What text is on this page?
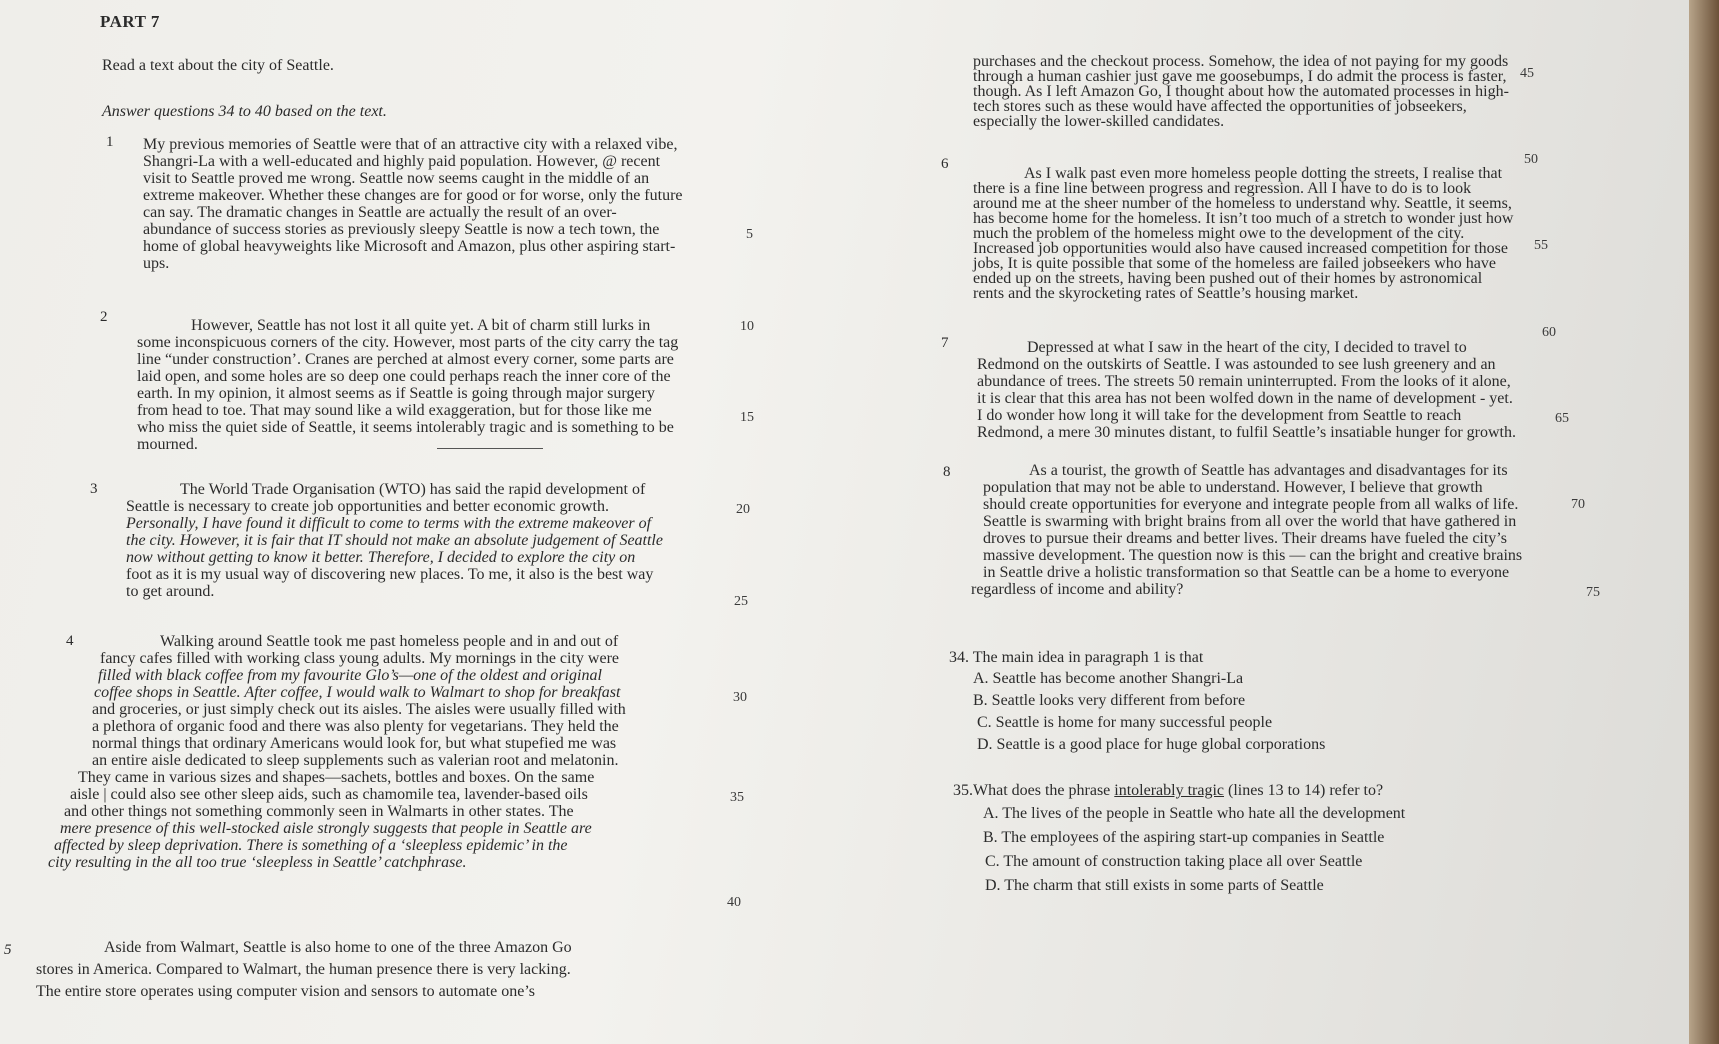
PART 7
Read a text about the city of Seattle.
Answer questions 34 to 40 based on the text.
1 My previous memories of Seattle were that of an attractive city with a relaxed vibe,
Shangri-La with a well-educated and highly paid population. However, @ recent
visit to Seattle proved me wrong. Seattle now seems caught in the middle of an
extreme makeover. Whether these changes are for good or for worse, only the future
can say. The dramatic changes in Seattle are actually the result of an over-
abundance of success stories as previously sleepy Seattle is now a tech town, the
home of global heavyweights like Microsoft and Amazon, plus other aspiring start-
ups.
2	However, Seattle has not lost it all quite yet. A bit of charm still lurks in
some inconspicuous corners of the city. However, most parts of the city carry the tag
line “under construction’. Cranes are perched at almost every corner, some parts are
laid open, and some holes are so deep one could perhaps reach the inner core of the
earth. In my opinion, it almost seems as if Seattle is going through major surgery
from head to toe. That may sound like a wild exaggeration, but for those like me
who miss the quiet side of Seattle, it seems intolerably tragic and is something to be
mourned.
3	The World Trade Organisation (WTO) has said the rapid development of
Seattle is necessary to create job opportunities and better economic growth.
Personally, I have found it difficult to come to terms with the extreme makeover of
the city. However, it is fair that IT should not make an absolute judgement of Seattle
now without getting to know it better. Therefore, I decided to explore the city on
foot as it is my usual way of discovering new places. To me, it also is the best way
to get around.
4	Walking around Seattle took me past homeless people and in and out of
fancy cafes filled with working class young adults. My mornings in the city were
filled with black coffee from my favourite Glo’s—one of the oldest and original
coffee shops in Seattle. After coffee, I would walk to Walmart to shop for breakfast
and groceries, or just simply check out its aisles. The aisles were usually filled with
a plethora of organic food and there was also plenty for vegetarians. They held the
normal things that ordinary Americans would look for, but what stupefied me was
an entire aisle dedicated to sleep supplements such as valerian root and melatonin.
They came in various sizes and shapes—sachets, bottles and boxes. On the same
aisle | could also see other sleep aids, such as chamomile tea, lavender-based oils
and other things not something commonly seen in Walmarts in other states. The
mere presence of this well-stocked aisle strongly suggests that people in Seattle are
affected by sleep deprivation. There is something of a ‘sleepless epidemic’ in the
city resulting in the all too true ‘sleepless in Seattle’ catchphrase.
5	Aside from Walmart, Seattle is also home to one of the three Amazon Go
stores in America. Compared to Walmart, the human presence there is very lacking.
The entire store operates using computer vision and sensors to automate one’s
purchases and the checkout process. Somehow, the idea of not paying for my goods
through a human cashier just gave me goosebumps, I do admit the process is faster,
though. As I left Amazon Go, I thought about how the automated processes in high-
tech stores such as these would have affected the opportunities of jobseekers,
especially the lower-skilled candidates.
6
As I walk past even more homeless people dotting the streets, I realise that
there is a fine line between progress and regression. All I have to do is to look
around me at the sheer number of the homeless to understand why. Seattle, it seems,
has become home for the homeless. It isn’t too much of a stretch to wonder just how
much the problem of the homeless might owe to the development of the city.
Increased job opportunities would also have caused increased competition for those
jobs, It is quite possible that some of the homeless are failed jobseekers who have
ended up on the streets, having been pushed out of their homes by astronomical
rents and the skyrocketing rates of Seattle’s housing market.
7	Depressed at what I saw in the heart of the city, I decided to travel to
Redmond on the outskirts of Seattle. I was astounded to see lush greenery and an
abundance of trees. The streets 50 remain uninterrupted. From the looks of it alone,
it is clear that this area has not been wolfed down in the name of development - yet.
I do wonder how long it will take for the development from Seattle to reach
Redmond, a mere 30 minutes distant, to fulfil Seattle’s insatiable hunger for growth.
8	As a tourist, the growth of Seattle has advantages and disadvantages for its
population that may not be able to understand. However, I believe that growth
should create opportunities for everyone and integrate people from all walks of life.
Seattle is swarming with bright brains from all over the world that have gathered in
droves to pursue their dreams and better lives. Their dreams have fueled the city’s
massive development. The question now is this — can the bright and creative brains
in Seattle drive a holistic transformation so that Seattle can be a home to everyone
regardless of income and ability?
5
10
15
20
25
30
35
40
45
50
55
60
65
70
75
34. The main idea in paragraph 1 is that
A. Seattle has become another Shangri-La
B. Seattle looks very different from before
C. Seattle is home for many successful people
D. Seattle is a good place for huge global corporations
35.What does the phrase intolerably tragic (lines 13 to 14) refer to?
A. The lives of the people in Seattle who hate all the development
B. The employees of the aspiring start-up companies in Seattle
C. The amount of construction taking place all over Seattle
D. The charm that still exists in some parts of Seattle
